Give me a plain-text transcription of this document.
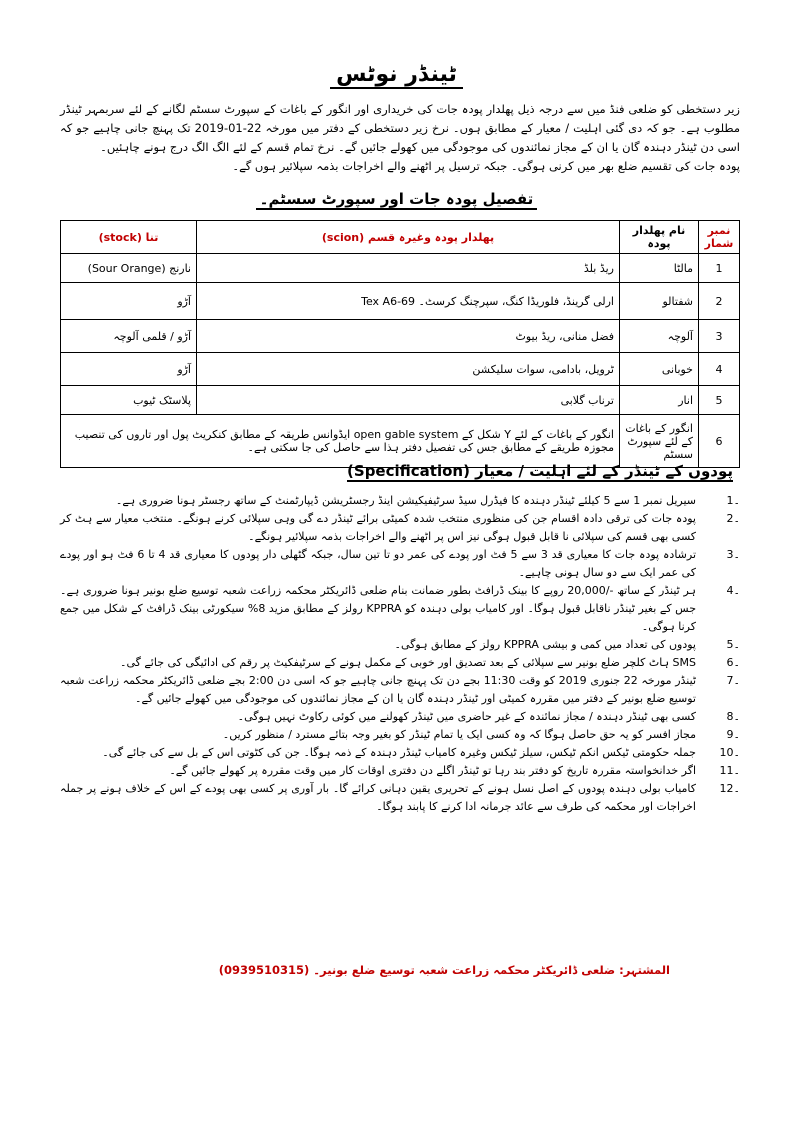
ٹینڈر نوٹس

زیر دستخطی کو ضلعی فنڈ میں سے درجہ ذیل پھلدار پودہ جات کی خریداری اور انگور کے باغات کے سپورٹ سسٹم لگانے کے لئے سربمہر ٹینڈر مطلوب ہے۔ جو کہ دی گئی اہلیت / معیار کے مطابق ہوں۔ نرخ زیر دستخطی کے دفتر میں مورخہ 22-01-2019 تک پہنچ جانی چاہیے جو کہ اسی دن ٹینڈر دہندہ گان یا ان کے مجاز نمائندوں کی موجودگی میں کھولے جائیں گے۔ نرخ تمام قسم کے لئے الگ الگ درج ہونے چاہئیں۔

پودہ جات کی تقسیم ضلع بھر میں کرنی ہوگی۔ جبکہ ترسیل پر اٹھنے والے اخراجات بذمہ سپلائیر ہوں گے۔

تفصیل پودہ جات اور سپورٹ سسٹم۔
نمبر شمار	نام پھلدار پودہ	پھلدار پودہ وغیرہ قسم (scion)	تنا (stock)
1	مالٹا	ریڈ بلڈ	نارنج (Sour Orange)
2	شفتالو	ارلی گرینڈ، فلوریڈا کنگ، سپرچنگ کرسٹ۔ Tex A6-69	آڑو
3	آلوچہ	فضل منانی، ریڈ بیوٹ	آڑو / قلمی آلوچہ
4	خوبانی	ٹرویل، بادامی، سوات سلیکشن	آڑو
5	انار	ترناب گلابی	پلاسٹک ٹیوب
6	انگور کے باغات کے لئے سپورٹ سسٹم	انگور کے باغات کے لئے Y شکل کے open gable system ایڈوانس طریقہ کے مطابق کنکریٹ پول اور تاروں کی تنصیب مجوزہ طریقے کے مطابق جس کی تفصیل دفتر ہذا سے حاصل کی جا سکتی ہے۔	
پودوں کے ٹینڈر کے لئے اہلیت / معیار (Specification)
۔1
سیریل نمبر 1 سے 5 کیلئے ٹینڈر دہندہ کا فیڈرل سیڈ سرٹیفیکیشن اینڈ رجسٹریشن ڈیپارٹمنٹ کے ساتھ رجسٹر ہونا ضروری ہے۔
۔2
پودہ جات کی ترقی دادہ اقسام جن کی منظوری منتخب شدہ کمیٹی برائے ٹینڈر دے گی وہی سپلائی کرنے ہونگے۔ منتخب معیار سے ہٹ کر کسی بھی قسم کی سپلائی نا قابل قبول ہوگی نیز اس پر اٹھنے والے اخراجات بذمہ سپلائیر ہونگے۔
۔3
ترشادہ پودہ جات کا معیاری قد 3 سے 5 فٹ اور پودے کی عمر دو تا تین سال، جبکہ گٹھلی دار پودوں کا معیاری قد 4 تا 6 فٹ ہو اور پودے کی عمر ایک سے دو سال ہونی چاہیے۔
۔4
ہر ٹینڈر کے ساتھ -/20,000 روپے کا بینک ڈرافٹ بطور ضمانت بنام ضلعی ڈائریکٹر محکمہ زراعت شعبہ توسیع ضلع بونیر ہونا ضروری ہے۔ جس کے بغیر ٹینڈر ناقابل قبول ہوگا۔ اور کامیاب بولی دہندہ کو KPPRA رولز کے مطابق مزید 8% سیکورٹی بینک ڈرافٹ کے شکل میں جمع کرنا ہوگی۔
۔5
پودوں کی تعداد میں کمی و بیشی KPPRA رولز کے مطابق ہوگی۔
۔6
SMS ہاٹ کلچر ضلع بونیر سے سپلائی کے بعد تصدیق اور خوبی کے مکمل ہونے کے سرٹیفکیٹ پر رقم کی ادائیگی کی جائے گی۔
۔7
ٹینڈر مورخہ 22 جنوری 2019 کو وقت 11:30 بجے دن تک پہنچ جانی چاہیے جو کہ اسی دن 2:00 بجے ضلعی ڈائریکٹر محکمہ زراعت شعبہ توسیع ضلع بونیر کے دفتر میں مقررہ کمیٹی اور ٹینڈر دہندہ گان یا ان کے مجاز نمائندوں کی موجودگی میں کھولے جائیں گے۔
۔8
کسی بھی ٹینڈر دہندہ / مجاز نمائندہ کے غیر حاضری میں ٹینڈر کھولنے میں کوئی رکاوٹ نہیں ہوگی۔
۔9
مجاز افسر کو یہ حق حاصل ہوگا کہ وہ کسی ایک یا تمام ٹینڈر کو بغیر وجہ بتائے مسترد / منظور کریں۔
۔10
جملہ حکومتی ٹیکس انکم ٹیکس، سیلز ٹیکس وغیرہ کامیاب ٹینڈر دہندہ کے ذمہ ہوگا۔ جن کی کٹوتی اس کے بل سے کی جائے گی۔
۔11
اگر خدانخواستہ مقررہ تاریخ کو دفتر بند رہا تو ٹینڈر اگلے دن دفتری اوقات کار میں وقت مقررہ پر کھولے جائیں گے۔
۔12
کامیاب بولی دہندہ پودوں کے اصل نسل ہونے کے تحریری یقین دہانی کرائے گا۔ بار آوری پر کسی بھی پودے کے اس کے خلاف ہونے پر جملہ اخراجات اور محکمہ کی طرف سے عائد جرمانہ ادا کرنے کا پابند ہوگا۔
المشتہر: ضلعی ڈائریکٹر محکمہ زراعت شعبہ توسیع ضلع بونیر۔ (0939510315)
